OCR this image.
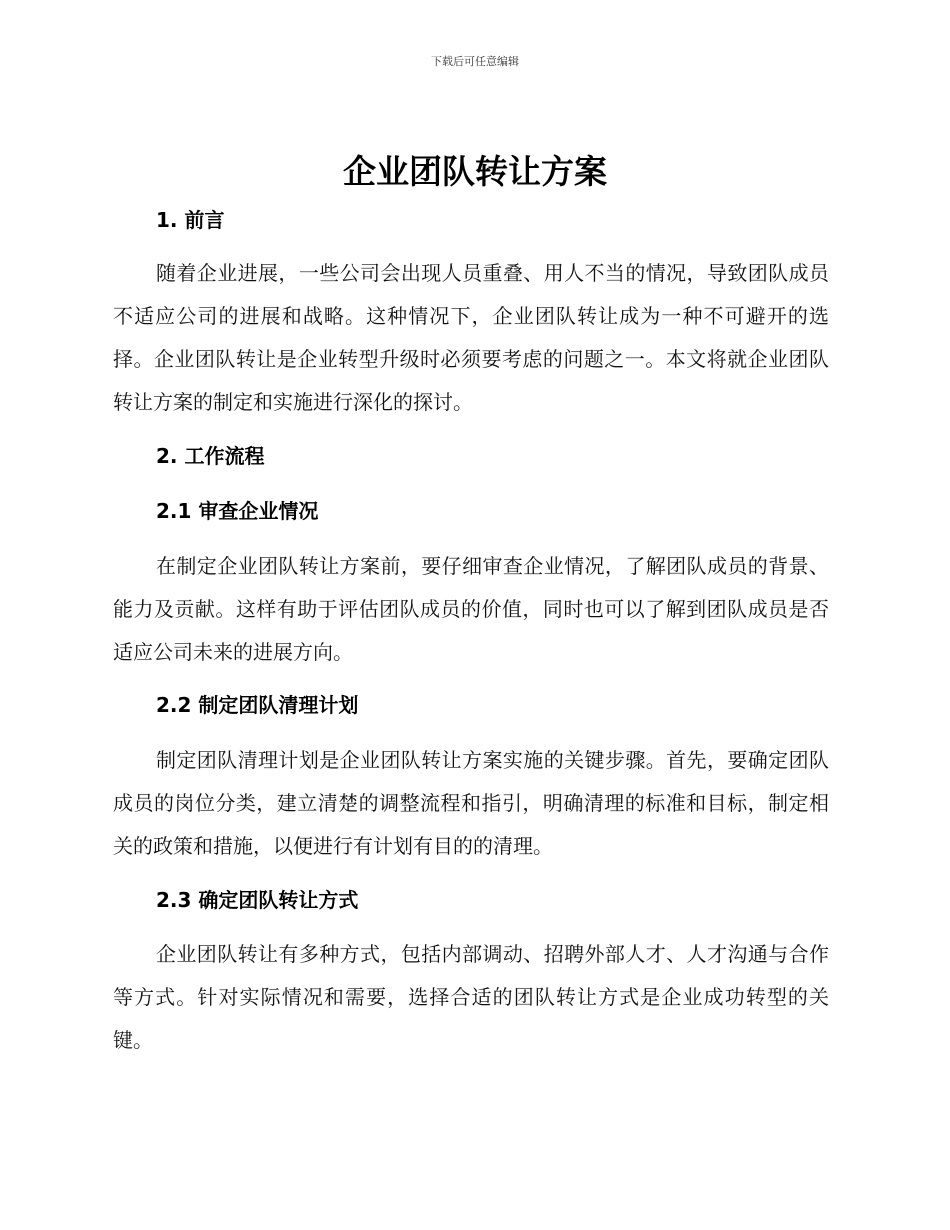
下载后可任意编辑
企业团队转让方案
1. 前言

随着企业进展，一些公司会出现人员重叠、用人不当的情况，导致团队成员不适应公司的进展和战略。这种情况下，企业团队转让成为一种不可避开的选择。企业团队转让是企业转型升级时必须要考虑的问题之一。本文将就企业团队转让方案的制定和实施进行深化的探讨。

2. 工作流程
2.1 审查企业情况

在制定企业团队转让方案前，要仔细审查企业情况，了解团队成员的背景、能力及贡献。这样有助于评估团队成员的价值，同时也可以了解到团队成员是否适应公司未来的进展方向。

2.2 制定团队清理计划

制定团队清理计划是企业团队转让方案实施的关键步骤。首先，要确定团队成员的岗位分类，建立清楚的调整流程和指引，明确清理的标准和目标，制定相关的政策和措施，以便进行有计划有目的的清理。

2.3 确定团队转让方式

企业团队转让有多种方式，包括内部调动、招聘外部人才、人才沟通与合作等方式。针对实际情况和需要，选择合适的团队转让方式是企业成功转型的关键。
